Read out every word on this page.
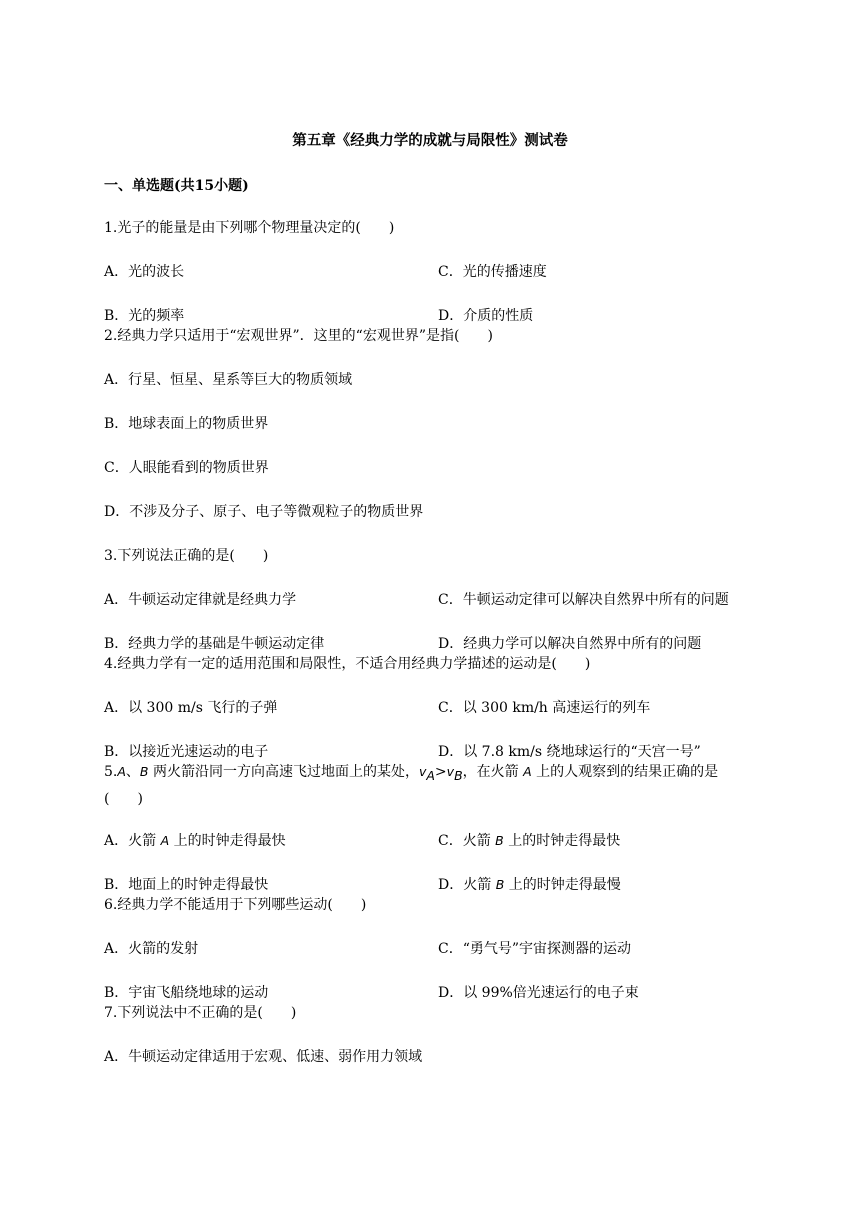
第五章《经典力学的成就与局限性》测试卷
一、单选题(共15小题)
1.光子的能量是由下列哪个物理量决定的(　　)
A．光的波长	C．光的传播速度
B．光的频率	D．介质的性质
2.经典力学只适用于“宏观世界”．这里的“宏观世界”是指(　　)
A．行星、恒星、星系等巨大的物质领域
B．地球表面上的物质世界
C．人眼能看到的物质世界
D．不涉及分子、原子、电子等微观粒子的物质世界
3.下列说法正确的是(　　)
A．牛顿运动定律就是经典力学	C．牛顿运动定律可以解决自然界中所有的问题
B．经典力学的基础是牛顿运动定律	D．经典力学可以解决自然界中所有的问题
4.经典力学有一定的适用范围和局限性，不适合用经典力学描述的运动是(　　)
A．以 300 m/s 飞行的子弹	C．以 300 km/h 高速运行的列车
B．以接近光速运动的电子	D．以 7.8 km/s 绕地球运行的“天宫一号”
5.A、B 两火箭沿同一方向高速飞过地面上的某处，$v_A>v_B$，在火箭 A 上的人观察到的结果正确的是
(　　)
A．火箭 A 上的时钟走得最快	C．火箭 B 上的时钟走得最快
B．地面上的时钟走得最快	D．火箭 B 上的时钟走得最慢
6.经典力学不能适用于下列哪些运动(　　)
A．火箭的发射	C．“勇气号”宇宙探测器的运动
B．宇宙飞船绕地球的运动	D．以 99%倍光速运行的电子束
7.下列说法中不正确的是(　　)
A．牛顿运动定律适用于宏观、低速、弱作用力领域
